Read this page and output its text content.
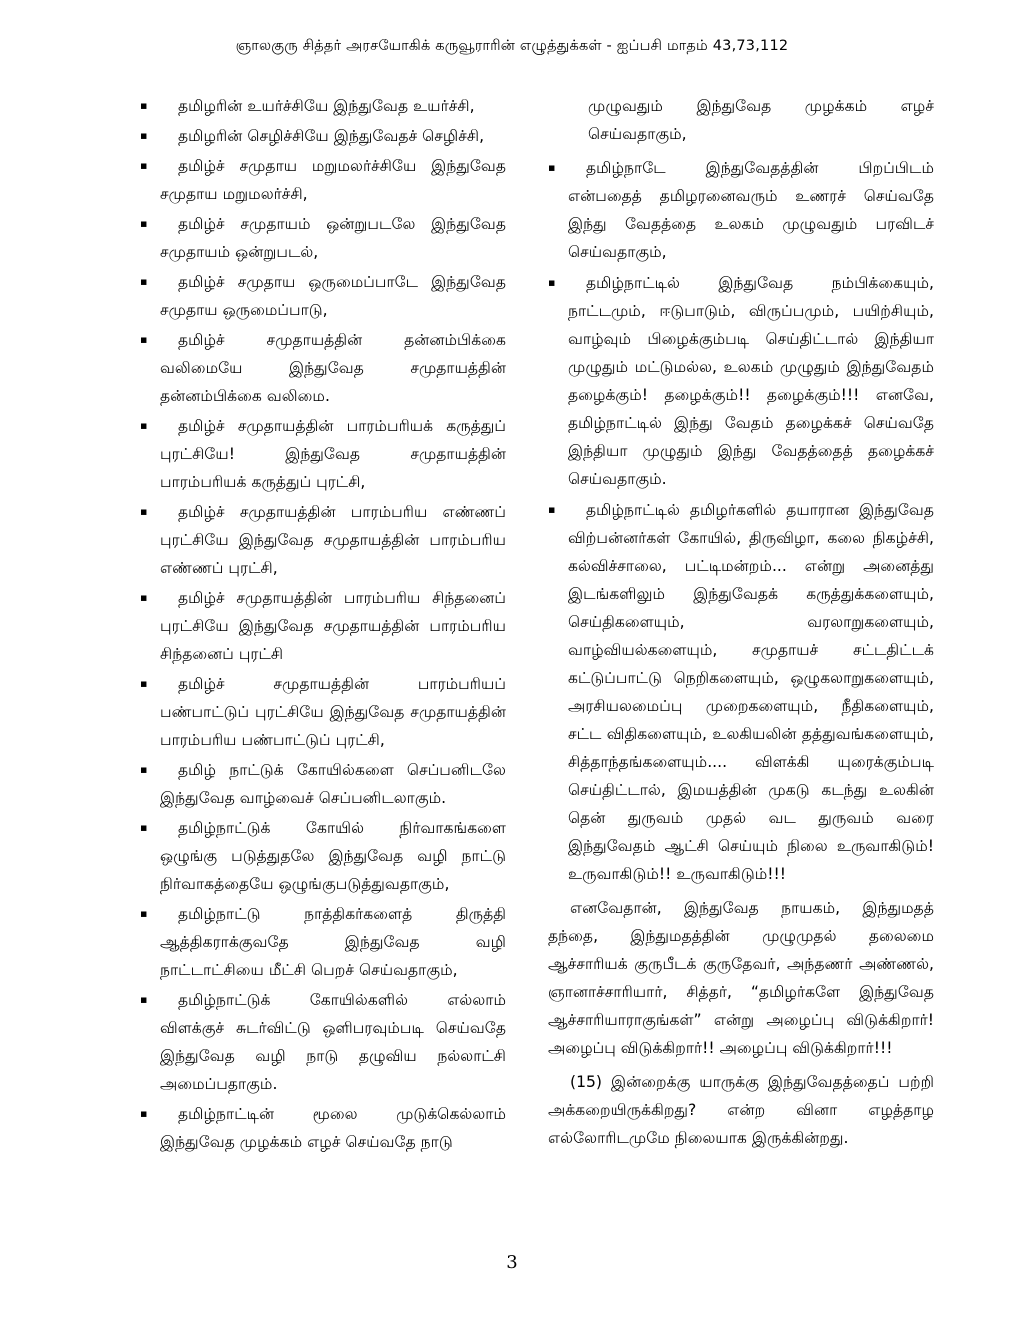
ஞாலகுரு சித்தர் அரசயோகிக் கருவூராரின் எழுத்துக்கள் - ஐப்பசி மாதம் 43,73,112
▪	தமிழரின் உயர்ச்சியே இந்துவேத உயர்ச்சி,
▪	தமிழரின் செழிச்சியே இந்துவேதச் செழிச்சி,
▪	தமிழ்ச் சமுதாய மறுமலர்ச்சியே இந்துவேத சமுதாய மறுமலர்ச்சி,
▪	தமிழ்ச் சமுதாயம் ஒன்றுபடலே இந்துவேத சமுதாயம் ஒன்றுபடல்,
▪	தமிழ்ச் சமுதாய ஒருமைப்பாடே இந்துவேத சமுதாய ஒருமைப்பாடு,
▪	தமிழ்ச் சமுதாயத்தின் தன்னம்பிக்கை வலிமையே இந்துவேத சமுதாயத்தின் தன்னம்பிக்கை வலிமை.
▪	தமிழ்ச் சமுதாயத்தின் பாரம்பரியக் கருத்துப் புரட்சியே! இந்துவேத சமுதாயத்தின் பாரம்பரியக் கருத்துப் புரட்சி,
▪	தமிழ்ச் சமுதாயத்தின் பாரம்பரிய எண்ணப் புரட்சியே இந்துவேத சமுதாயத்தின் பாரம்பரிய எண்ணப் புரட்சி,
▪	தமிழ்ச் சமுதாயத்தின் பாரம்பரிய சிந்தனைப் புரட்சியே இந்துவேத சமுதாயத்தின் பாரம்பரிய சிந்தனைப் புரட்சி
▪	தமிழ்ச் சமுதாயத்தின் பாரம்பரியப் பண்பாட்டுப் புரட்சியே இந்துவேத சமுதாயத்தின் பாரம்பரிய பண்பாட்டுப் புரட்சி,
▪	தமிழ் நாட்டுக் கோயில்களை செப்பனிடலே இந்துவேத வாழ்வைச் செப்பனிடலாகும்.
▪	தமிழ்நாட்டுக் கோயில் நிர்வாகங்களை ஒழுங்கு படுத்துதலே இந்துவேத வழி நாட்டு நிர்வாகத்தையே ஒழுங்குபடுத்துவதாகும்,
▪	தமிழ்நாட்டு நாத்திகர்களைத் திருத்தி ஆத்திகராக்குவதே இந்துவேத வழி நாட்டாட்சியை மீட்சி பெறச் செய்வதாகும்,
▪	தமிழ்நாட்டுக் கோயில்களில் எல்லாம் விளக்குச் சுடர்விட்டு ஒளிபரவும்படி செய்வதே இந்துவேத வழி நாடு தழுவிய நல்லாட்சி அமைப்பதாகும்.
▪	தமிழ்நாட்டின் மூலை முடுக்கெல்லாம் இந்துவேத முழக்கம் எழச் செய்வதே நாடு
முழுவதும் இந்துவேத முழக்கம் எழச் செய்வதாகும்,
▪	தமிழ்நாடே இந்துவேதத்தின் பிறப்பிடம் என்பதைத் தமிழரனைவரும் உணரச் செய்வதே இந்து வேதத்தை உலகம் முழுவதும் பரவிடச் செய்வதாகும்,
▪	தமிழ்நாட்டில் இந்துவேத நம்பிக்கையும், நாட்டமும், ஈடுபாடும், விருப்பமும், பயிற்சியும், வாழ்வும் பிழைக்கும்படி செய்திட்டால் இந்தியா முழுதும் மட்டுமல்ல, உலகம் முழுதும் இந்துவேதம் தழைக்கும்! தழைக்கும்!! தழைக்கும்!!! எனவே, தமிழ்நாட்டில் இந்து வேதம் தழைக்கச் செய்வதே இந்தியா முழுதும் இந்து வேதத்தைத் தழைக்கச் செய்வதாகும்.
▪	தமிழ்நாட்டில் தமிழர்களில் தயாரான இந்துவேத விற்பன்னர்கள் கோயில், திருவிழா, கலை நிகழ்ச்சி, கல்விச்சாலை, பட்டிமன்றம்... என்று அனைத்து இடங்களிலும் இந்துவேதக் கருத்துக்களையும், செய்திகளையும், வரலாறுகளையும், வாழ்வியல்களையும், சமுதாயச் சட்டதிட்டக் கட்டுப்பாட்டு நெறிகளையும், ஒழுகலாறுகளையும், அரசியலமைப்பு முறைகளையும், நீதிகளையும், சட்ட விதிகளையும், உலகியலின் தத்துவங்களையும், சித்தாந்தங்களையும்.... விளக்கி யுரைக்கும்படி செய்திட்டால், இமயத்தின் முகடு கடந்து உலகின் தென் துருவம் முதல் வட துருவம் வரை இந்துவேதம் ஆட்சி செய்யும் நிலை உருவாகிடும்! உருவாகிடும்!! உருவாகிடும்!!!
எனவேதான், இந்துவேத நாயகம், இந்துமதத் தந்தை, இந்துமதத்தின் முழுமுதல் தலைமை ஆச்சாரியக் குருபீடக் குருதேவர், அந்தணர் அண்ணல், ஞானாச்சாரியார், சித்தர், “தமிழர்களே இந்துவேத ஆச்சாரியாராகுங்கள்” என்று அழைப்பு விடுக்கிறார்! அழைப்பு விடுக்கிறார்!! அழைப்பு விடுக்கிறார்!!!
(15) இன்றைக்கு யாருக்கு இந்துவேதத்தைப் பற்றி அக்கறையிருக்கிறது? என்ற வினா எழத்தாழ எல்லோரிடமுமே நிலையாக இருக்கின்றது.
3
